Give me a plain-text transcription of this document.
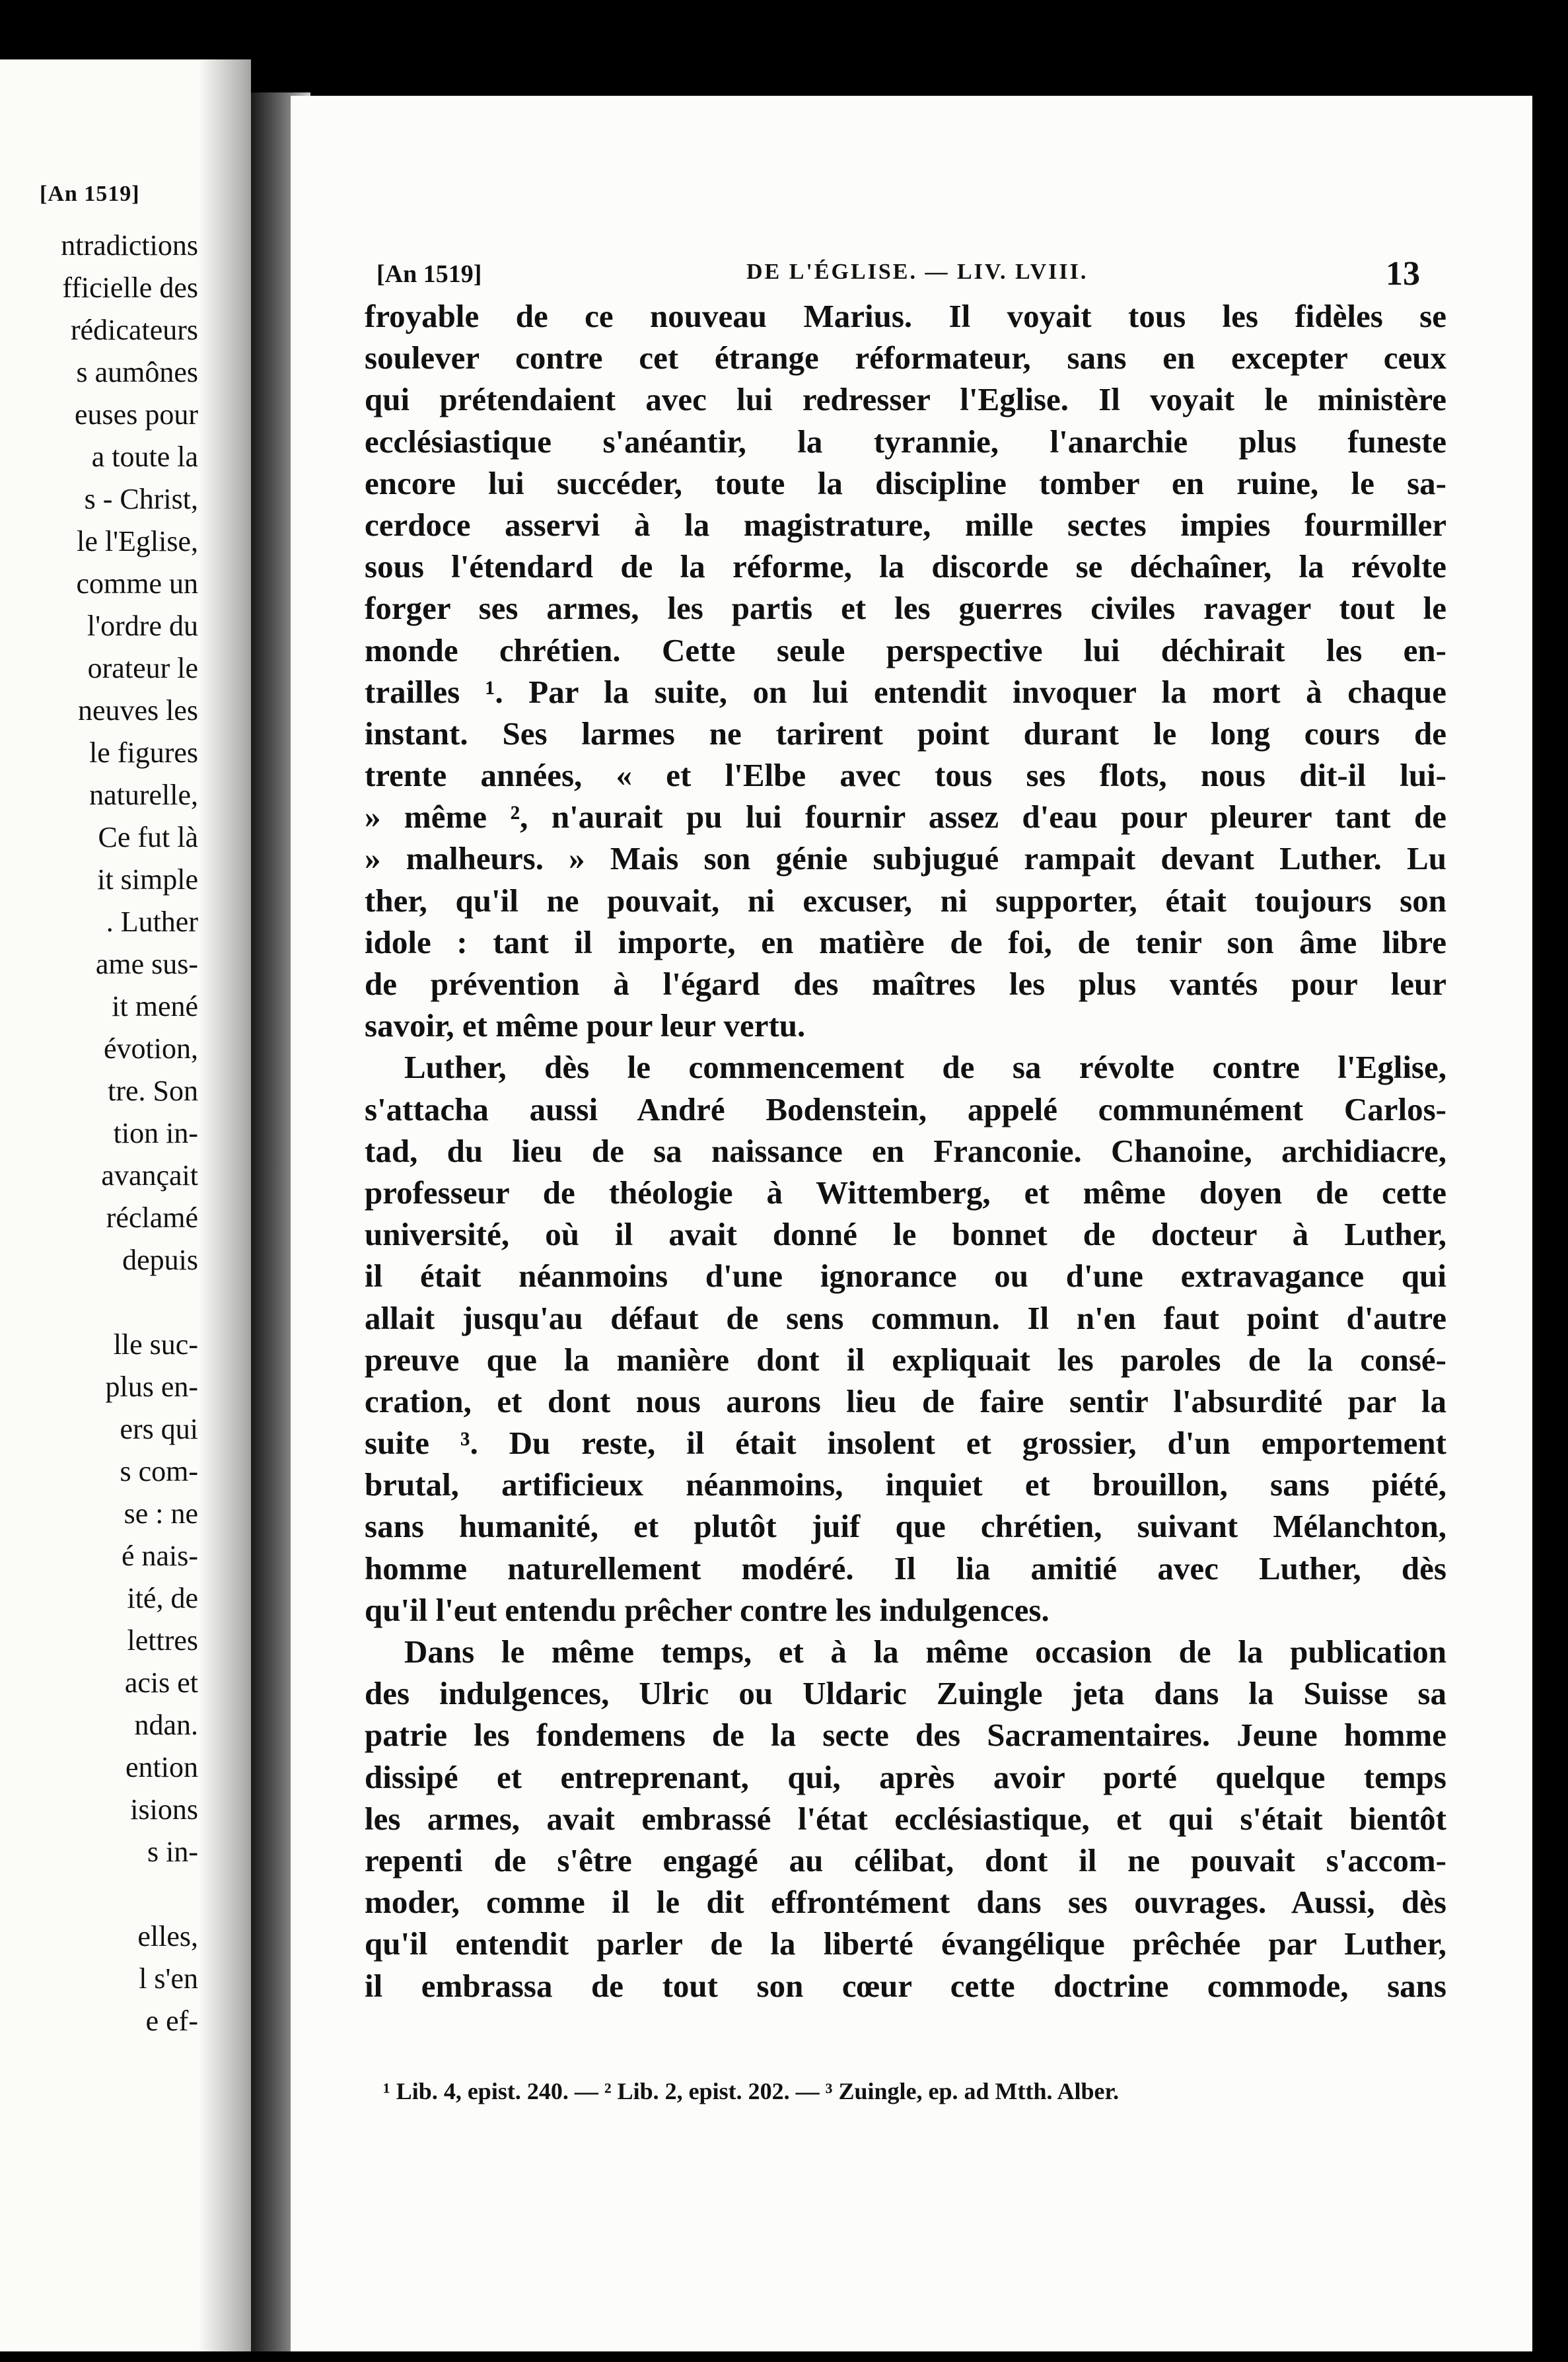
[An 1519]
ntradictions
fficielle des
rédicateurs
s aumônes
euses pour
a toute la
s - Christ,
le l'Eglise,
comme un
l'ordre du
orateur le
neuves les
le figures
naturelle,
Ce fut là
it simple
. Luther
ame sus-
it mené
évotion,
tre. Son
tion in-
avançait
réclamé
depuis
lle suc-
plus en-
ers qui
s com-
se : ne
é nais-
ité, de
lettres
acis et
ndan.
ention
isions
s in-
elles,
l s'en
e ef-
[An 1519]	DE L'ÉGLISE. — LIV. LVIII.	13
froyable de ce nouveau Marius. Il voyait tous les fidèles se
soulever contre cet étrange réformateur, sans en excepter ceux
qui prétendaient avec lui redresser l'Eglise. Il voyait le ministère
ecclésiastique s'anéantir, la tyrannie, l'anarchie plus funeste
encore lui succéder, toute la discipline tomber en ruine, le sa-
cerdoce asservi à la magistrature, mille sectes impies fourmiller
sous l'étendard de la réforme, la discorde se déchaîner, la révolte
forger ses armes, les partis et les guerres civiles ravager tout le
monde chrétien. Cette seule perspective lui déchirait les en-
trailles ¹. Par la suite, on lui entendit invoquer la mort à chaque
instant. Ses larmes ne tarirent point durant le long cours de
trente années, « et l'Elbe avec tous ses flots, nous dit-il lui-
» même ², n'aurait pu lui fournir assez d'eau pour pleurer tant de
» malheurs. » Mais son génie subjugué rampait devant Luther. Lu
ther, qu'il ne pouvait, ni excuser, ni supporter, était toujours son
idole : tant il importe, en matière de foi, de tenir son âme libre
de prévention à l'égard des maîtres les plus vantés pour leur
savoir, et même pour leur vertu.
Luther, dès le commencement de sa révolte contre l'Eglise,
s'attacha aussi André Bodenstein, appelé communément Carlos-
tad, du lieu de sa naissance en Franconie. Chanoine, archidiacre,
professeur de théologie à Wittemberg, et même doyen de cette
université, où il avait donné le bonnet de docteur à Luther,
il était néanmoins d'une ignorance ou d'une extravagance qui
allait jusqu'au défaut de sens commun. Il n'en faut point d'autre
preuve que la manière dont il expliquait les paroles de la consé-
cration, et dont nous aurons lieu de faire sentir l'absurdité par la
suite ³. Du reste, il était insolent et grossier, d'un emportement
brutal, artificieux néanmoins, inquiet et brouillon, sans piété,
sans humanité, et plutôt juif que chrétien, suivant Mélanchton,
homme naturellement modéré. Il lia amitié avec Luther, dès
qu'il l'eut entendu prêcher contre les indulgences.
Dans le même temps, et à la même occasion de la publication
des indulgences, Ulric ou Uldaric Zuingle jeta dans la Suisse sa
patrie les fondemens de la secte des Sacramentaires. Jeune homme
dissipé et entreprenant, qui, après avoir porté quelque temps
les armes, avait embrassé l'état ecclésiastique, et qui s'était bientôt
repenti de s'être engagé au célibat, dont il ne pouvait s'accom-
moder, comme il le dit effrontément dans ses ouvrages. Aussi, dès
qu'il entendit parler de la liberté évangélique prêchée par Luther,
il embrassa de tout son cœur cette doctrine commode, sans
¹ Lib. 4, epist. 240. — ² Lib. 2, epist. 202. — ³ Zuingle, ep. ad Mtth. Alber.
